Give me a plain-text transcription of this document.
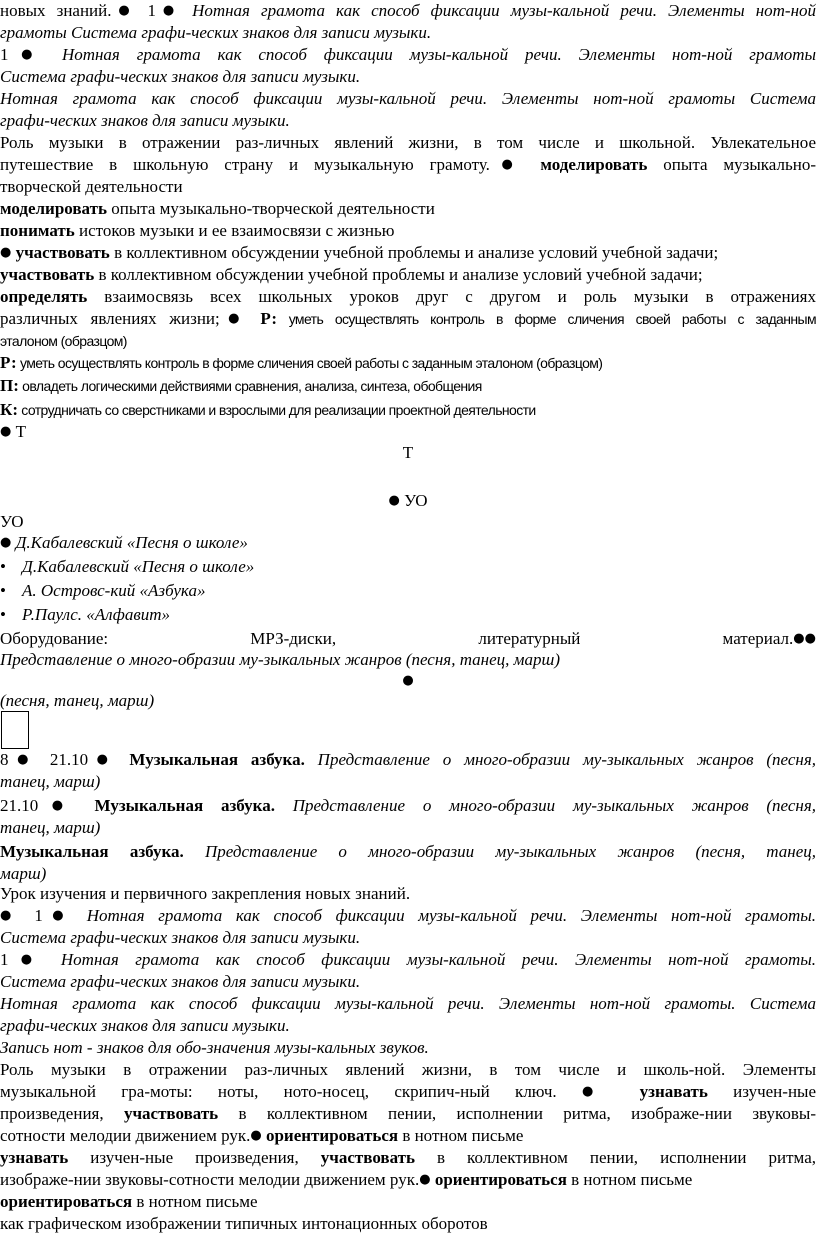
новых знаний.● 1● Нотная грамота как способ фиксации музы-кальной речи. Элементы нот-ной
грамоты Система графи-ческих знаков для записи музыки.
1● Нотная грамота как способ фиксации музы-кальной речи. Элементы нот-ной грамоты
Система графи-ческих знаков для записи музыки.
Нотная грамота как способ фиксации музы-кальной речи. Элементы нот-ной грамоты Система
графи-ческих знаков для записи музыки.
Роль музыки в отражении раз-личных явлений жизни, в том числе и школьной. Увлекательное
путешествие в школьную страну и музыкальную грамоту.● моделировать опыта музыкально-
творческой деятельности
моделировать опыта музыкально-творческой деятельности
понимать истоков музыки и ее взаимосвязи с жизнью
● участвовать в коллективном обсуждении учебной проблемы и анализе условий учебной задачи;
участвовать в коллективном обсуждении учебной проблемы и анализе условий учебной задачи;
определять взаимосвязь всех школьных уроков друг с другом и роль музыки в отражениях
различных явлениях жизни;● Р: уметь осуществлять контроль в форме сличения своей работы с заданным
эталоном (образцом)
Р: уметь осуществлять контроль в форме сличения своей работы с заданным эталоном (образцом)
П: овладеть логическими действиями сравнения, анализа, синтеза, обобщения
К: сотрудничать со сверстниками и взрослыми для реализации проектной деятельности
● Т
Т
● УО
УО
● Д.Кабалевский «Песня о школе»
• Д.Кабалевский «Песня о школе»
• А. Островс-кий «Азбука»
• Р.Паулс. «Алфавит»
Оборудование:	МРЗ-диски,	литературный	материал.●●
Представление о много-образии му-зыкальных жанров (песня, танец, марш)
●
(песня, танец, марш)
8● 21.10● Музыкальная азбука. Представление о много-образии му-зыкальных жанров (песня,
танец, марш)
21.10● Музыкальная азбука. Представление о много-образии му-зыкальных жанров (песня,
танец, марш)
Музыкальная азбука. Представление о много-образии му-зыкальных жанров (песня, танец,
марш)
Урок изучения и первичного закрепления новых знаний.
● 1● Нотная грамота как способ фиксации музы-кальной речи. Элементы нот-ной грамоты.
Система графи-ческих знаков для записи музыки.
1● Нотная грамота как способ фиксации музы-кальной речи. Элементы нот-ной грамоты.
Система графи-ческих знаков для записи музыки.
Нотная грамота как способ фиксации музы-кальной речи. Элементы нот-ной грамоты. Система
графи-ческих знаков для записи музыки.
Запись нот - знаков для обо-значения музы-кальных звуков.
Роль музыки в отражении раз-личных явлений жизни, в том числе и школь-ной. Элементы
музыкальной гра-моты: ноты, ното-носец, скрипич-ный ключ. ● узнавать изучен-ные
произведения, участвовать в коллективном пении, исполнении ритма, изображе-нии звуковы-
сотности мелодии движением рук.● ориентироваться в нотном письме
узнавать изучен-ные произведения, участвовать в коллективном пении, исполнении ритма,
изображе-нии звуковы-сотности мелодии движением рук.● ориентироваться в нотном письме
ориентироваться в нотном письме
как графическом изображении типичных интонационных оборотов
